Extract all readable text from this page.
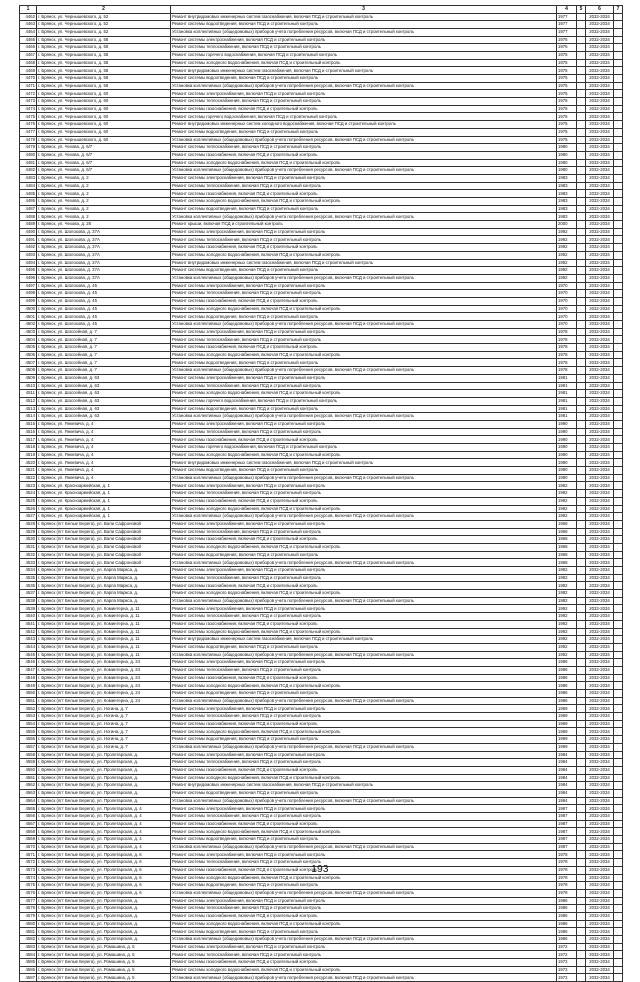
1	2	3	4	5	6	7
4462	г. Брянск, ул. Чернышевского, д. 52	Ремонт внутридомовых инженерных систем газоснабжения, включая ПСД и строительный контроль	1977		2032-2034	
4463	г. Брянск, ул. Чернышевского, д. 52	Ремонт системы водоотведения, включая ПСД и строительный контроль	1977		2032-2034	
4464	г. Брянск, ул. Чернышевского, д. 52	Установка коллективных (общедомовых) приборов учета потребления ресурсов, включая ПСД и строительный контроль	1977		2032-2034	
4465	г. Брянск, ул. Чернышевского, д. 58	Ремонт системы электроснабжения, включая ПСД и строительный контроль	1975		2032-2034	
4466	г. Брянск, ул. Чернышевского, д. 58	Ремонт системы теплоснабжения, включая ПСД и строительный контроль	1975		2032-2034	
4467	г. Брянск, ул. Чернышевского, д. 58	Ремонт системы горячего водоснабжения, включая ПСД и строительный контроль	1975		2032-2034	
4468	г. Брянск, ул. Чернышевского, д. 58	Ремонт системы холодного водоснабжения, включая ПСД и строительный контроль	1975		2032-2034	
4469	г. Брянск, ул. Чернышевского, д. 58	Ремонт внутридомовых инженерных систем газоснабжения, включая ПСД и строительный контроль	1975		2032-2034	
4470	г. Брянск, ул. Чернышевского, д. 58	Ремонт системы водоотведения, включая ПСД и строительный контроль	1975		2032-2034	
4471	г. Брянск, ул. Чернышевского, д. 58	Установка коллективных (общедомовых) приборов учета потребления ресурсов, включая ПСД и строительный контроль	1975		2032-2034	
4472	г. Брянск, ул. Чернышевского, д. 60	Ремонт системы электроснабжения, включая ПСД и строительный контроль	1975		2032-2034	
4473	г. Брянск, ул. Чернышевского, д. 60	Ремонт системы теплоснабжения, включая ПСД и строительный контроль	1975		2032-2034	
4474	г. Брянск, ул. Чернышевского, д. 60	Ремонт системы газоснабжения, включая ПСД и строительный контроль	1975		2032-2034	
4475	г. Брянск, ул. Чернышевского, д. 60	Ремонт системы горячего водоснабжения, включая ПСД и строительный контроль	1975		2032-2034	
4476	г. Брянск, ул. Чернышевского, д. 60	Ремонт внутридомовых инженерных систем холодного водоснабжения, включая ПСД и строительный контроль	1975		2032-2034	
4477	г. Брянск, ул. Чернышевского, д. 60	Ремонт системы водоотведения, включая ПСД и строительный контроль	1975		2032-2034	
4478	г. Брянск, ул. Чернышевского, д. 60	Установка коллективных (общедомовых) приборов учета потребления ресурсов, включая ПСД и строительный контроль	1975		2032-2034	
4479	г. Брянск, ул. Чехова, д. 6/7	Ремонт системы теплоснабжения, включая ПСД и строительный контроль	1980		2032-2034	
4480	г. Брянск, ул. Чехова, д. 6/7	Ремонт системы газоснабжения, включая ПСД и строительный контроль	1980		2032-2034	
4481	г. Брянск, ул. Чехова, д. 6/7	Ремонт системы холодного водоснабжения, включая ПСД и строительный контроль	1980		2032-2034	
4482	г. Брянск, ул. Чехова, д. 6/7	Установка коллективных (общедомовых) приборов учета потребления ресурсов, включая ПСД и строительный контроль	1980		2032-2034	
4483	г. Брянск, ул. Чехова, д. 2	Ремонт системы электроснабжения, включая ПСД и строительный контроль	1983		2032-2034	
4484	г. Брянск, ул. Чехова, д. 2	Ремонт системы теплоснабжения, включая ПСД и строительный контроль	1983		2032-2034	
4485	г. Брянск, ул. Чехова, д. 2	Ремонт системы газоснабжения, включая ПСД и строительный контроль	1983		2032-2034	
4486	г. Брянск, ул. Чехова, д. 2	Ремонт системы холодного водоснабжения, включая ПСД и строительный контроль	1983		2032-2034	
4487	г. Брянск, ул. Чехова, д. 2	Ремонт системы водоотведения, включая ПСД и строительный контроль	1983		2032-2034	
4488	г. Брянск, ул. Чехова, д. 2	Установка коллективных (общедомовых) приборов учета потребления ресурсов, включая ПСД и строительный контроль	1983		2032-2034	
4489	г. Брянск, ул. Чехова, д. 28	Ремонт крыши, включая ПСД и строительный контроль	2000		2032-2034	
4490	г. Брянск, ул. Шолохова, д. 37А	Ремонт системы электроснабжения, включая ПСД и строительный контроль	1992		2032-2034	
4491	г. Брянск, ул. Шолохова, д. 37А	Ремонт системы теплоснабжения, включая ПСД и строительный контроль	1992		2032-2034	
4492	г. Брянск, ул. Шолохова, д. 37А	Ремонт системы газоснабжения, включая ПСД и строительный контроль	1992		2032-2034	
4493	г. Брянск, ул. Шолохова, д. 37А	Ремонт системы холодного водоснабжения, включая ПСД и строительный контроль	1992		2032-2034	
4494	г. Брянск, ул. Шолохова, д. 37А	Ремонт внутридомовых инженерных систем газоснабжения, включая ПСД и строительный контроль	1992		2032-2034	
4495	г. Брянск, ул. Шолохова, д. 37А	Ремонт системы водоотведения, включая ПСД и строительный контроль	1992		2032-2034	
4496	г. Брянск, ул. Шолохова, д. 37А	Установка коллективных (общедомовых) приборов учета потребления ресурсов, включая ПСД и строительный контроль	1992		2032-2034	
4497	г. Брянск, ул. Шолохова, д. 45	Ремонт системы электроснабжения, включая ПСД и строительный контроль	1970		2032-2034	
4498	г. Брянск, ул. Шолохова, д. 45	Ремонт системы теплоснабжения, включая ПСД и строительный контроль	1970		2032-2034	
4499	г. Брянск, ул. Шолохова, д. 45	Ремонт системы газоснабжения, включая ПСД и строительный контроль	1970		2032-2034	
4500	г. Брянск, ул. Шолохова, д. 45	Ремонт системы холодного водоснабжения, включая ПСД и строительный контроль	1970		2032-2034	
4501	г. Брянск, ул. Шолохова, д. 45	Ремонт системы водоотведения, включая ПСД и строительный контроль	1970		2032-2034	
4502	г. Брянск, ул. Шолохова, д. 45	Установка коллективных (общедомовых) приборов учета потребления ресурсов, включая ПСД и строительный контроль	1970		2032-2034	
4503	г. Брянск, ул. Шоссейная, д. 7	Ремонт системы электроснабжения, включая ПСД и строительный контроль	1978		2032-2034	
4504	г. Брянск, ул. Шоссейная, д. 7	Ремонт системы теплоснабжения, включая ПСД и строительный контроль	1978		2032-2034	
4505	г. Брянск, ул. Шоссейная, д. 7	Ремонт системы газоснабжения, включая ПСД и строительный контроль	1978		2032-2034	
4506	г. Брянск, ул. Шоссейная, д. 7	Ремонт системы холодного водоснабжения, включая ПСД и строительный контроль	1978		2032-2034	
4507	г. Брянск, ул. Шоссейная, д. 7	Ремонт системы водоотведения, включая ПСД и строительный контроль	1978		2032-2034	
4508	г. Брянск, ул. Шоссейная, д. 7	Установка коллективных (общедомовых) приборов учета потребления ресурсов, включая ПСД и строительный контроль	1978		2032-2034	
4509	г. Брянск, ул. Шоссейная, д. 63	Ремонт системы электроснабжения, включая ПСД и строительный контроль	1981		2032-2034	
4510	г. Брянск, ул. Шоссейная, д. 63	Ремонт системы теплоснабжения, включая ПСД и строительный контроль	1981		2032-2034	
4511	г. Брянск, ул. Шоссейная, д. 63	Ремонт системы холодного водоснабжения, включая ПСД и строительный контроль	1981		2032-2034	
4512	г. Брянск, ул. Шоссейная, д. 63	Ремонт системы горячего водоснабжения, включая ПСД и строительный контроль	1981		2032-2034	
4513	г. Брянск, ул. Шоссейная, д. 63	Ремонт системы водоотведения, включая ПСД и строительный контроль	1981		2032-2034	
4514	г. Брянск, ул. Шоссейная, д. 63	Установка коллективных (общедомовых) приборов учета потребления ресурсов, включая ПСД и строительный контроль	1981		2032-2034	
4515	г. Брянск, ул. Янкевича, д. 4	Ремонт системы электроснабжения, включая ПСД и строительный контроль	1990		2032-2034	
4516	г. Брянск, ул. Янкевича, д. 4	Ремонт системы теплоснабжения, включая ПСД и строительный контроль	1990		2032-2034	
4517	г. Брянск, ул. Янкевича, д. 4	Ремонт системы газоснабжения, включая ПСД и строительный контроль	1990		2032-2034	
4518	г. Брянск, ул. Янкевича, д. 4	Ремонт системы горячего водоснабжения, включая ПСД и строительный контроль	1990		2032-2034	
4519	г. Брянск, ул. Янкевича, д. 4	Ремонт системы холодного водоснабжения, включая ПСД и строительный контроль	1990		2032-2034	
4520	г. Брянск, ул. Янкевича, д. 4	Ремонт внутридомовых инженерных систем газоснабжения, включая ПСД и строительный контроль	1990		2032-2034	
4521	г. Брянск, ул. Янкевича, д. 4	Ремонт системы водоотведения, включая ПСД и строительный контроль	1990		2032-2034	
4522	г. Брянск, ул. Янкевича, д. 4	Установка коллективных (общедомовых) приборов учета потребления ресурсов, включая ПСД и строительный контроль	1990		2032-2034	
4523	г. Брянск, ул. Красноармейская, д. 1	Ремонт системы электроснабжения, включая ПСД и строительный контроль	1982		2032-2034	
4524	г. Брянск, ул. Красноармейская, д. 1	Ремонт системы теплоснабжения, включая ПСД и строительный контроль	1982		2032-2034	
4525	г. Брянск, ул. Красноармейская, д. 1	Ремонт системы газоснабжения, включая ПСД и строительный контроль	1982		2032-2034	
4526	г. Брянск, ул. Красноармейская, д. 1	Ремонт системы холодного водоснабжения, включая ПСД и строительный контроль	1982		2032-2034	
4527	г. Брянск, ул. Красноармейская, д. 1	Установка коллективных (общедомовых) приборов учета потребления ресурсов, включая ПСД и строительный контроль	1982		2032-2034	
4528	г. Брянск (пгт Белые Берега), ул. Вали Сафроновой	Ремонт системы электроснабжения, включая ПСД и строительный контроль	1968		2032-2034	
4529	г. Брянск (пгт Белые Берега), ул. Вали Сафроновой	Ремонт системы теплоснабжения, включая ПСД и строительный контроль	1968		2032-2034	
4530	г. Брянск (пгт Белые Берега), ул. Вали Сафроновой	Ремонт системы газоснабжения, включая ПСД и строительный контроль	1968		2032-2034	
4531	г. Брянск (пгт Белые Берега), ул. Вали Сафроновой	Ремонт системы холодного водоснабжения, включая ПСД и строительный контроль	1968		2032-2034	
4532	г. Брянск (пгт Белые Берега), ул. Вали Сафроновой	Ремонт системы водоотведения, включая ПСД и строительный контроль	1968		2032-2034	
4533	г. Брянск (пгт Белые Берега), ул. Вали Сафроновой	Установка коллективных (общедомовых) приборов учета потребления ресурсов, включая ПСД и строительный контроль	1968		2032-2034	
4534	г. Брянск (пгт Белые Берега), ул. Карла Маркса, д.	Ремонт системы электроснабжения, включая ПСД и строительный контроль	1982		2032-2034	
4535	г. Брянск (пгт Белые Берега), ул. Карла Маркса, д.	Ремонт системы теплоснабжения, включая ПСД и строительный контроль	1982		2032-2034	
4536	г. Брянск (пгт Белые Берега), ул. Карла Маркса, д.	Ремонт системы газоснабжения, включая ПСД и строительный контроль	1982		2032-2034	
4537	г. Брянск (пгт Белые Берега), ул. Карла Маркса, д.	Ремонт системы холодного водоснабжения, включая ПСД и строительный контроль	1982		2032-2034	
4538	г. Брянск (пгт Белые Берега), ул. Карла Маркса, д.	Установка коллективных (общедомовых) приборов учета потребления ресурсов, включая ПСД и строительный контроль	1982		2032-2034	
4539	г. Брянск (пгт Белые Берега), ул. Коминтерна, д. 11	Ремонт системы электроснабжения, включая ПСД и строительный контроль	1992		2032-2034	
4540	г. Брянск (пгт Белые Берега), ул. Коминтерна, д. 11	Ремонт системы теплоснабжения, включая ПСД и строительный контроль	1992		2032-2034	
4541	г. Брянск (пгт Белые Берега), ул. Коминтерна, д. 11	Ремонт системы газоснабжения, включая ПСД и строительный контроль	1992		2032-2034	
4542	г. Брянск (пгт Белые Берега), ул. Коминтерна, д. 11	Ремонт системы холодного водоснабжения, включая ПСД и строительный контроль	1992		2032-2034	
4543	г. Брянск (пгт Белые Берега), ул. Коминтерна, д. 11	Ремонт внутридомовых инженерных систем газоснабжения, включая ПСД и строительный контроль	1992		2032-2034	
4544	г. Брянск (пгт Белые Берега), ул. Коминтерна, д. 11	Ремонт системы водоотведения, включая ПСД и строительный контроль	1992		2032-2034	
4545	г. Брянск (пгт Белые Берега), ул. Коминтерна, д. 11	Установка коллективных (общедомовых) приборов учета потребления ресурсов, включая ПСД и строительный контроль	1992		2032-2034	
4546	г. Брянск (пгт Белые Берега), ул. Коминтерна, д. 24	Ремонт системы электроснабжения, включая ПСД и строительный контроль	1986		2032-2034	
4547	г. Брянск (пгт Белые Берега), ул. Коминтерна, д. 24	Ремонт системы теплоснабжения, включая ПСД и строительный контроль	1986		2032-2034	
4548	г. Брянск (пгт Белые Берега), ул. Коминтерна, д. 24	Ремонт системы газоснабжения, включая ПСД и строительный контроль	1986		2032-2034	
4549	г. Брянск (пгт Белые Берега), ул. Коминтерна, д. 24	Ремонт системы холодного водоснабжения, включая ПСД и строительный контроль	1986		2032-2034	
4550	г. Брянск (пгт Белые Берега), ул. Коминтерна, д. 24	Ремонт системы водоотведения, включая ПСД и строительный контроль	1986		2032-2034	
4551	г. Брянск (пгт Белые Берега), ул. Коминтерна, д. 24	Установка коллективных (общедомовых) приборов учета потребления ресурсов, включая ПСД и строительный контроль	1986		2032-2034	
4552	г. Брянск (пгт Белые Берега), ул. Ногина, д. 7	Ремонт системы электроснабжения, включая ПСД и строительный контроль	1969		2032-2034	
4553	г. Брянск (пгт Белые Берега), ул. Ногина, д. 7	Ремонт системы теплоснабжения, включая ПСД и строительный контроль	1969		2032-2034	
4554	г. Брянск (пгт Белые Берега), ул. Ногина, д. 7	Ремонт системы газоснабжения, включая ПСД и строительный контроль	1969		2032-2034	
4555	г. Брянск (пгт Белые Берега), ул. Ногина, д. 7	Ремонт системы холодного водоснабжения, включая ПСД и строительный контроль	1969		2032-2034	
4556	г. Брянск (пгт Белые Берега), ул. Ногина, д. 7	Ремонт системы водоотведения, включая ПСД и строительный контроль	1969		2032-2034	
4557	г. Брянск (пгт Белые Берега), ул. Ногина, д. 7	Установка коллективных (общедомовых) приборов учета потребления ресурсов, включая ПСД и строительный контроль	1969		2032-2034	
4558	г. Брянск (пгт Белые Берега), ул. Пролетарская, д.	Ремонт системы электроснабжения, включая ПСД и строительный контроль	1984		2032-2034	
4559	г. Брянск (пгт Белые Берега), ул. Пролетарская, д.	Ремонт системы теплоснабжения, включая ПСД и строительный контроль	1984		2032-2034	
4560	г. Брянск (пгт Белые Берега), ул. Пролетарская, д.	Ремонт системы газоснабжения, включая ПСД и строительный контроль	1984		2032-2034	
4561	г. Брянск (пгт Белые Берега), ул. Пролетарская, д.	Ремонт системы холодного водоснабжения, включая ПСД и строительный контроль	1984		2032-2034	
4562	г. Брянск (пгт Белые Берега), ул. Пролетарская, д.	Ремонт внутридомовых инженерных систем газоснабжения, включая ПСД и строительный контроль	1984		2032-2034	
4563	г. Брянск (пгт Белые Берега), ул. Пролетарская, д.	Ремонт системы водоотведения, включая ПСД и строительный контроль	1984		2032-2034	
4564	г. Брянск (пгт Белые Берега), ул. Пролетарская, д.	Установка коллективных (общедомовых) приборов учета потребления ресурсов, включая ПСД и строительный контроль	1984		2032-2034	
4565	г. Брянск (пгт Белые Берега), ул. Пролетарская, д. 4	Ремонт системы электроснабжения, включая ПСД и строительный контроль	1987		2032-2034	
4566	г. Брянск (пгт Белые Берега), ул. Пролетарская, д. 4	Ремонт системы теплоснабжения, включая ПСД и строительный контроль	1987		2032-2034	
4567	г. Брянск (пгт Белые Берега), ул. Пролетарская, д. 4	Ремонт системы газоснабжения, включая ПСД и строительный контроль	1987		2032-2034	
4568	г. Брянск (пгт Белые Берега), ул. Пролетарская, д. 4	Ремонт системы холодного водоснабжения, включая ПСД и строительный контроль	1987		2032-2034	
4569	г. Брянск (пгт Белые Берега), ул. Пролетарская, д. 4	Ремонт системы водоотведения, включая ПСД и строительный контроль	1987		2032-2034	
4570	г. Брянск (пгт Белые Берега), ул. Пролетарская, д. 4	Установка коллективных (общедомовых) приборов учета потребления ресурсов, включая ПСД и строительный контроль	1987		2032-2034	
4571	г. Брянск (пгт Белые Берега), ул. Пролетарская, д. 6	Ремонт системы электроснабжения, включая ПСД и строительный контроль	1978		2032-2034	
4572	г. Брянск (пгт Белые Берега), ул. Пролетарская, д. 6	Ремонт системы теплоснабжения, включая ПСД и строительный контроль	1978		2032-2034	
4573	г. Брянск (пгт Белые Берега), ул. Пролетарская, д. 6	Ремонт системы газоснабжения, включая ПСД и строительный контроль	1978		2032-2034	
4574	г. Брянск (пгт Белые Берега), ул. Пролетарская, д. 6	Ремонт системы холодного водоснабжения, включая ПСД и строительный контроль	1978		2032-2034	
4575	г. Брянск (пгт Белые Берега), ул. Пролетарская, д. 6	Ремонт системы водоотведения, включая ПСД и строительный контроль	1978		2032-2034	
4576	г. Брянск (пгт Белые Берега), ул. Пролетарская, д. 6	Установка коллективных (общедомовых) приборов учета потребления ресурсов, включая ПСД и строительный контроль	1978		2032-2034	
4577	г. Брянск (пгт Белые Берега), ул. Пролетарская, д.	Ремонт системы электроснабжения, включая ПСД и строительный контроль	1986		2032-2034	
4578	г. Брянск (пгт Белые Берега), ул. Пролетарская, д.	Ремонт системы теплоснабжения, включая ПСД и строительный контроль	1986		2032-2034	
4579	г. Брянск (пгт Белые Берега), ул. Пролетарская, д.	Ремонт системы газоснабжения, включая ПСД и строительный контроль	1986		2032-2034	
4580	г. Брянск (пгт Белые Берега), ул. Пролетарская, д.	Ремонт системы холодного водоснабжения, включая ПСД и строительный контроль	1986		2032-2034	
4581	г. Брянск (пгт Белые Берега), ул. Пролетарская, д.	Ремонт системы водоотведения, включая ПСД и строительный контроль	1986		2032-2034	
4582	г. Брянск (пгт Белые Берега), ул. Пролетарская, д.	Установка коллективных (общедомовых) приборов учета потребления ресурсов, включая ПСД и строительный контроль	1986		2032-2034	
4583	г. Брянск (пгт Белые Берега), ул. Ромашина, д. 5	Ремонт системы электроснабжения, включая ПСД и строительный контроль	1972		2032-2034	
4584	г. Брянск (пгт Белые Берега), ул. Ромашина, д. 5	Ремонт системы теплоснабжения, включая ПСД и строительный контроль	1972		2032-2034	
4585	г. Брянск (пгт Белые Берега), ул. Ромашина, д. 5	Ремонт системы газоснабжения, включая ПСД и строительный контроль	1972		2032-2034	
4586	г. Брянск (пгт Белые Берега), ул. Ромашина, д. 5	Ремонт системы холодного водоснабжения, включая ПСД и строительный контроль	1972		2032-2034	
4587	г. Брянск (пгт Белые Берега), ул. Ромашина, д. 5	Установка коллективных (общедомовых) приборов учета потребления ресурсов, включая ПСД и строительный контроль	1972		2032-2034	
193
